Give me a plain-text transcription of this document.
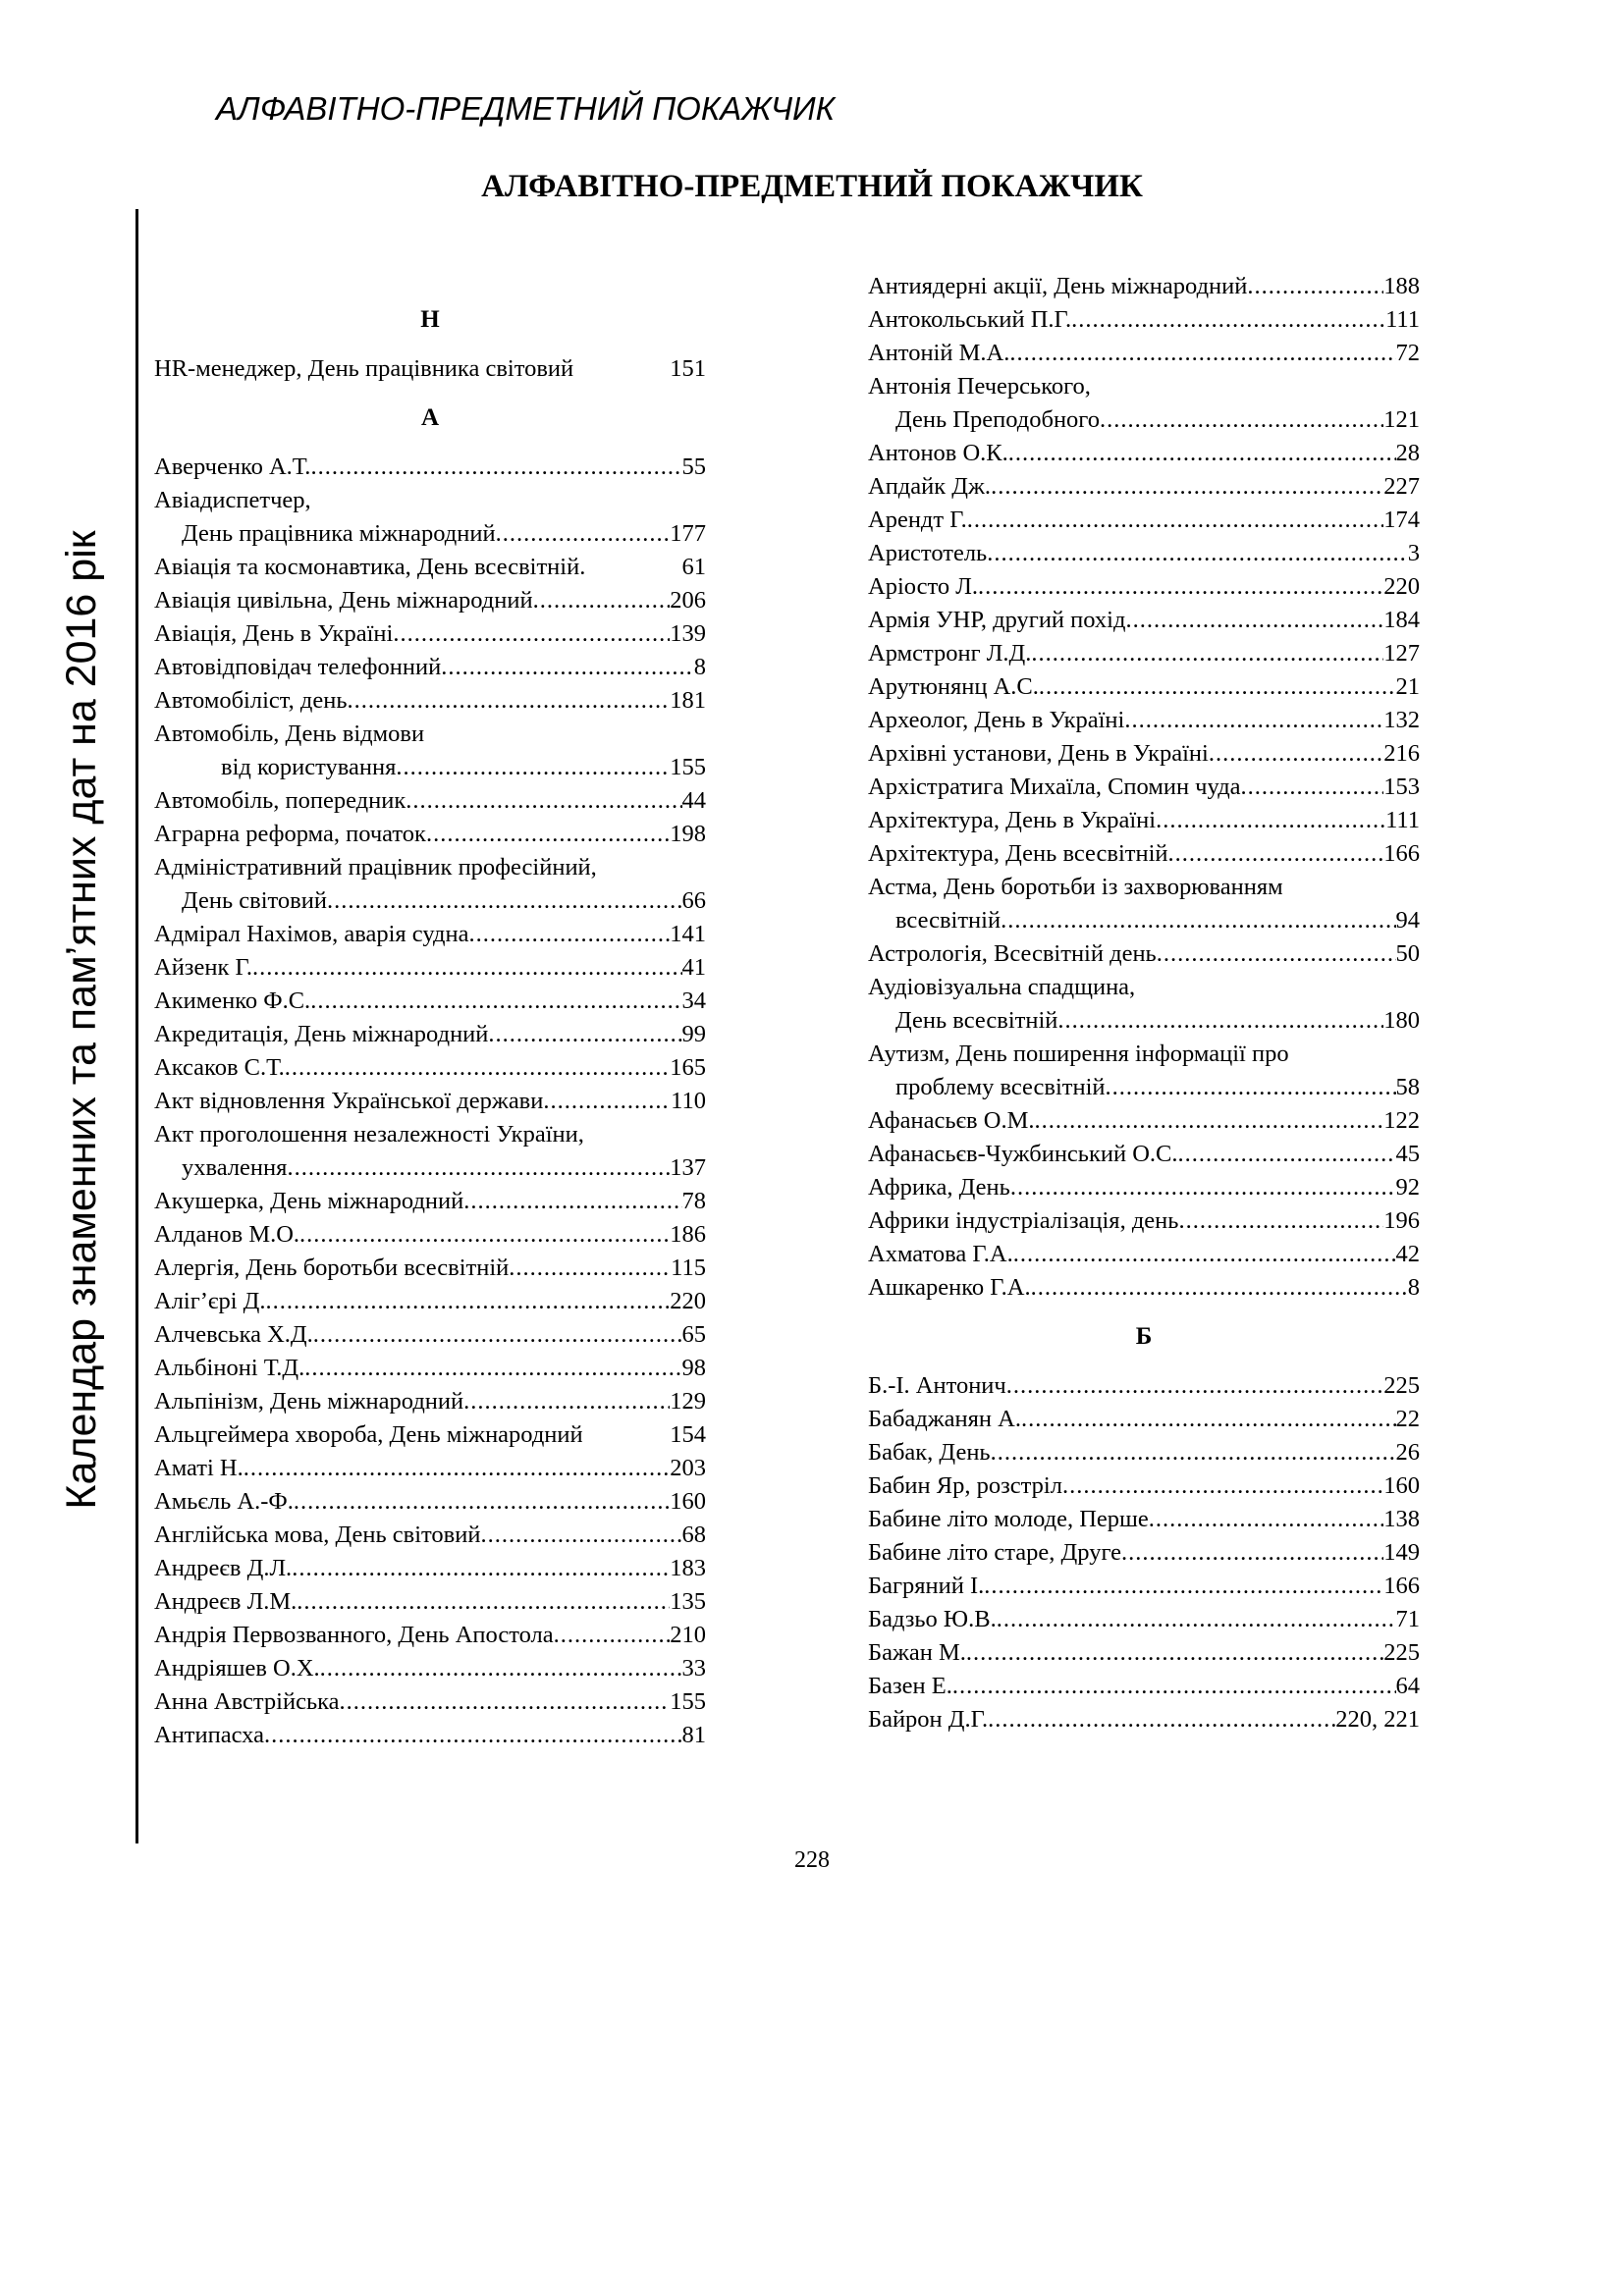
АЛФАВІТНО-ПРЕДМЕТНИЙ ПОКАЖЧИК
АЛФАВІТНО-ПРЕДМЕТНИЙ ПОКАЖЧИК
Календар знаменних та пам’ятних дат на 2016 рік
H
HR-менеджер, День працівника світовий	151
А
Аверченко А.Т. .....	55
Авіадиспетчер,
День працівника міжнародний .....	177
Авіація та космонавтика, День всесвітній.	61
Авіація цивільна, День міжнародний .....	206
Авіація, День в Україні .....	139
Автовідповідач телефонний .....	8
Автомобіліст, день .....	181
Автомобіль, День відмови
від користування .....	155
Автомобіль, попередник .....	44
Аграрна реформа, початок .....	198
Адміністративний працівник професійний,
День світовий .....	66
Адмірал Нахімов, аварія судна .....	141
Айзенк Г. .....	41
Акименко Ф.С. .....	34
Акредитація, День міжнародний .....	99
Аксаков С.Т. .....	165
Акт відновлення Української держави .....	110
Акт проголошення незалежності України,
ухвалення .....	137
Акушерка, День міжнародний .....	78
Алданов М.О. .....	186
Алергія, День боротьби всесвітній .....	115
Аліг’єрі Д. .....	220
Алчевська Х.Д. .....	65
Альбіноні Т.Д. .....	98
Альпінізм, День міжнародний .....	129
Альцгеймера хвороба, День міжнародний	154
Аматі Н. .....	203
Амьєль А.-Ф. .....	160
Англійська мова, День світовий .....	68
Андреєв Д.Л. .....	183
Андреєв Л.М. .....	135
Андрія Первозванного, День Апостола .....	210
Андріяшев О.Х. .....	33
Анна Австрійська .....	155
Антипасха .....	81
Антиядерні акції, День міжнародний .....	188
Антокольський П.Г. .....	111
Антоній М.А. .....	72
Антонія Печерського,
День Преподобного .....	121
Антонов О.К. .....	28
Апдайк Дж. .....	227
Арендт Г. .....	174
Аристотель .....	3
Аріосто Л. .....	220
Армія УНР, другий похід .....	184
Армстронг Л.Д. .....	127
Арутюнянц А.С. .....	21
Археолог, День в Україні .....	132
Архівні установи, День в Україні .....	216
Архістратига Михаїла, Спомин чуда .....	153
Архітектура, День в Україні .....	111
Архітектура, День всесвітній .....	166
Астма, День боротьби із захворюванням
всесвітній .....	94
Астрологія, Всесвітній день .....	50
Аудіовізуальна спадщина,
День всесвітній .....	180
Аутизм, День поширення інформації про
проблему всесвітній .....	58
Афанасьєв О.М. .....	122
Афанасьєв-Чужбинський О.С. .....	45
Африка, День .....	92
Африки індустріалізація, день .....	196
Ахматова Г.А. .....	42
Ашкаренко Г.А. .....	8
Б
Б.-І. Антонич .....	225
Бабаджанян А. .....	22
Бабак, День .....	26
Бабин Яр, розстріл .....	160
Бабине літо молоде, Перше .....	138
Бабине літо старе, Друге .....	149
Багряний І. .....	166
Бадзьо Ю.В. .....	71
Бажан М. .....	225
Базен Е. .....	64
Байрон Д.Г. .....	220, 221
228
